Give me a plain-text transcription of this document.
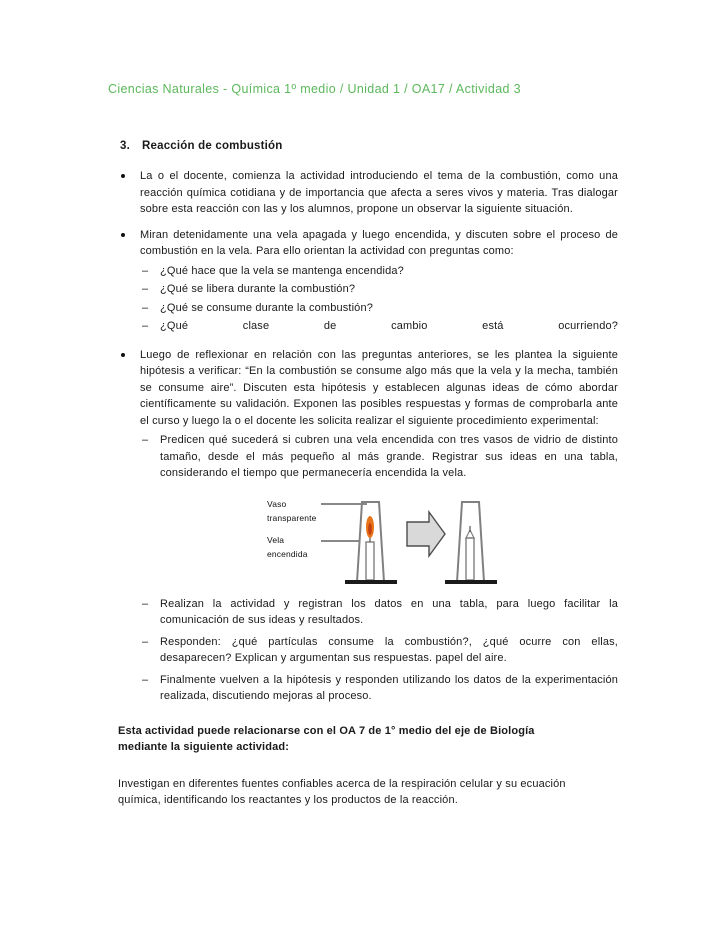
Ciencias Naturales - Química 1º medio / Unidad 1 / OA17 / Actividad 3
3. Reacción de combustión
La o el docente, comienza la actividad introduciendo el tema de la combustión, como una reacción química cotidiana y de importancia que afecta a seres vivos y materia. Tras dialogar sobre esta reacción con las y los alumnos, propone un observar la siguiente situación.
Miran detenidamente una vela apagada y luego encendida, y discuten sobre el proceso de combustión en la vela. Para ello orientan la actividad con preguntas como:
– ¿Qué hace que la vela se mantenga encendida?
– ¿Qué se libera durante la combustión?
– ¿Qué se consume durante la combustión?
– ¿Qué	clase	de	cambio	está	ocurriendo?
Luego de reflexionar en relación con las preguntas anteriores, se les plantea la siguiente hipótesis a verificar: “En la combustión se consume algo más que la vela y la mecha, también se consume aire”. Discuten esta hipótesis y establecen algunas ideas de cómo abordar científicamente su validación. Exponen las posibles respuestas y formas de comprobarla ante el curso y luego la o el docente les solicita realizar el siguiente procedimiento experimental:
– Predicen qué sucederá si cubren una vela encendida con tres vasos de vidrio de distinto tamaño, desde el más pequeño al más grande. Registrar sus ideas en una tabla, considerando el tiempo que permanecería encendida la vela.
Vaso
transparente
Vela
encendida
– Realizan la actividad y registran los datos en una tabla, para luego facilitar la comunicación de sus ideas y resultados.
– Responden: ¿qué partículas consume la combustión?, ¿qué ocurre con ellas, desaparecen? Explican y argumentan sus respuestas. papel del aire.
– Finalmente vuelven a la hipótesis y responden utilizando los datos de la experimentación realizada, discutiendo mejoras al proceso.

Esta actividad puede relacionarse con el OA 7 de 1° medio del eje de Biología mediante la siguiente actividad:

Investigan en diferentes fuentes confiables acerca de la respiración celular y su ecuación química, identificando los reactantes y los productos de la reacción.
